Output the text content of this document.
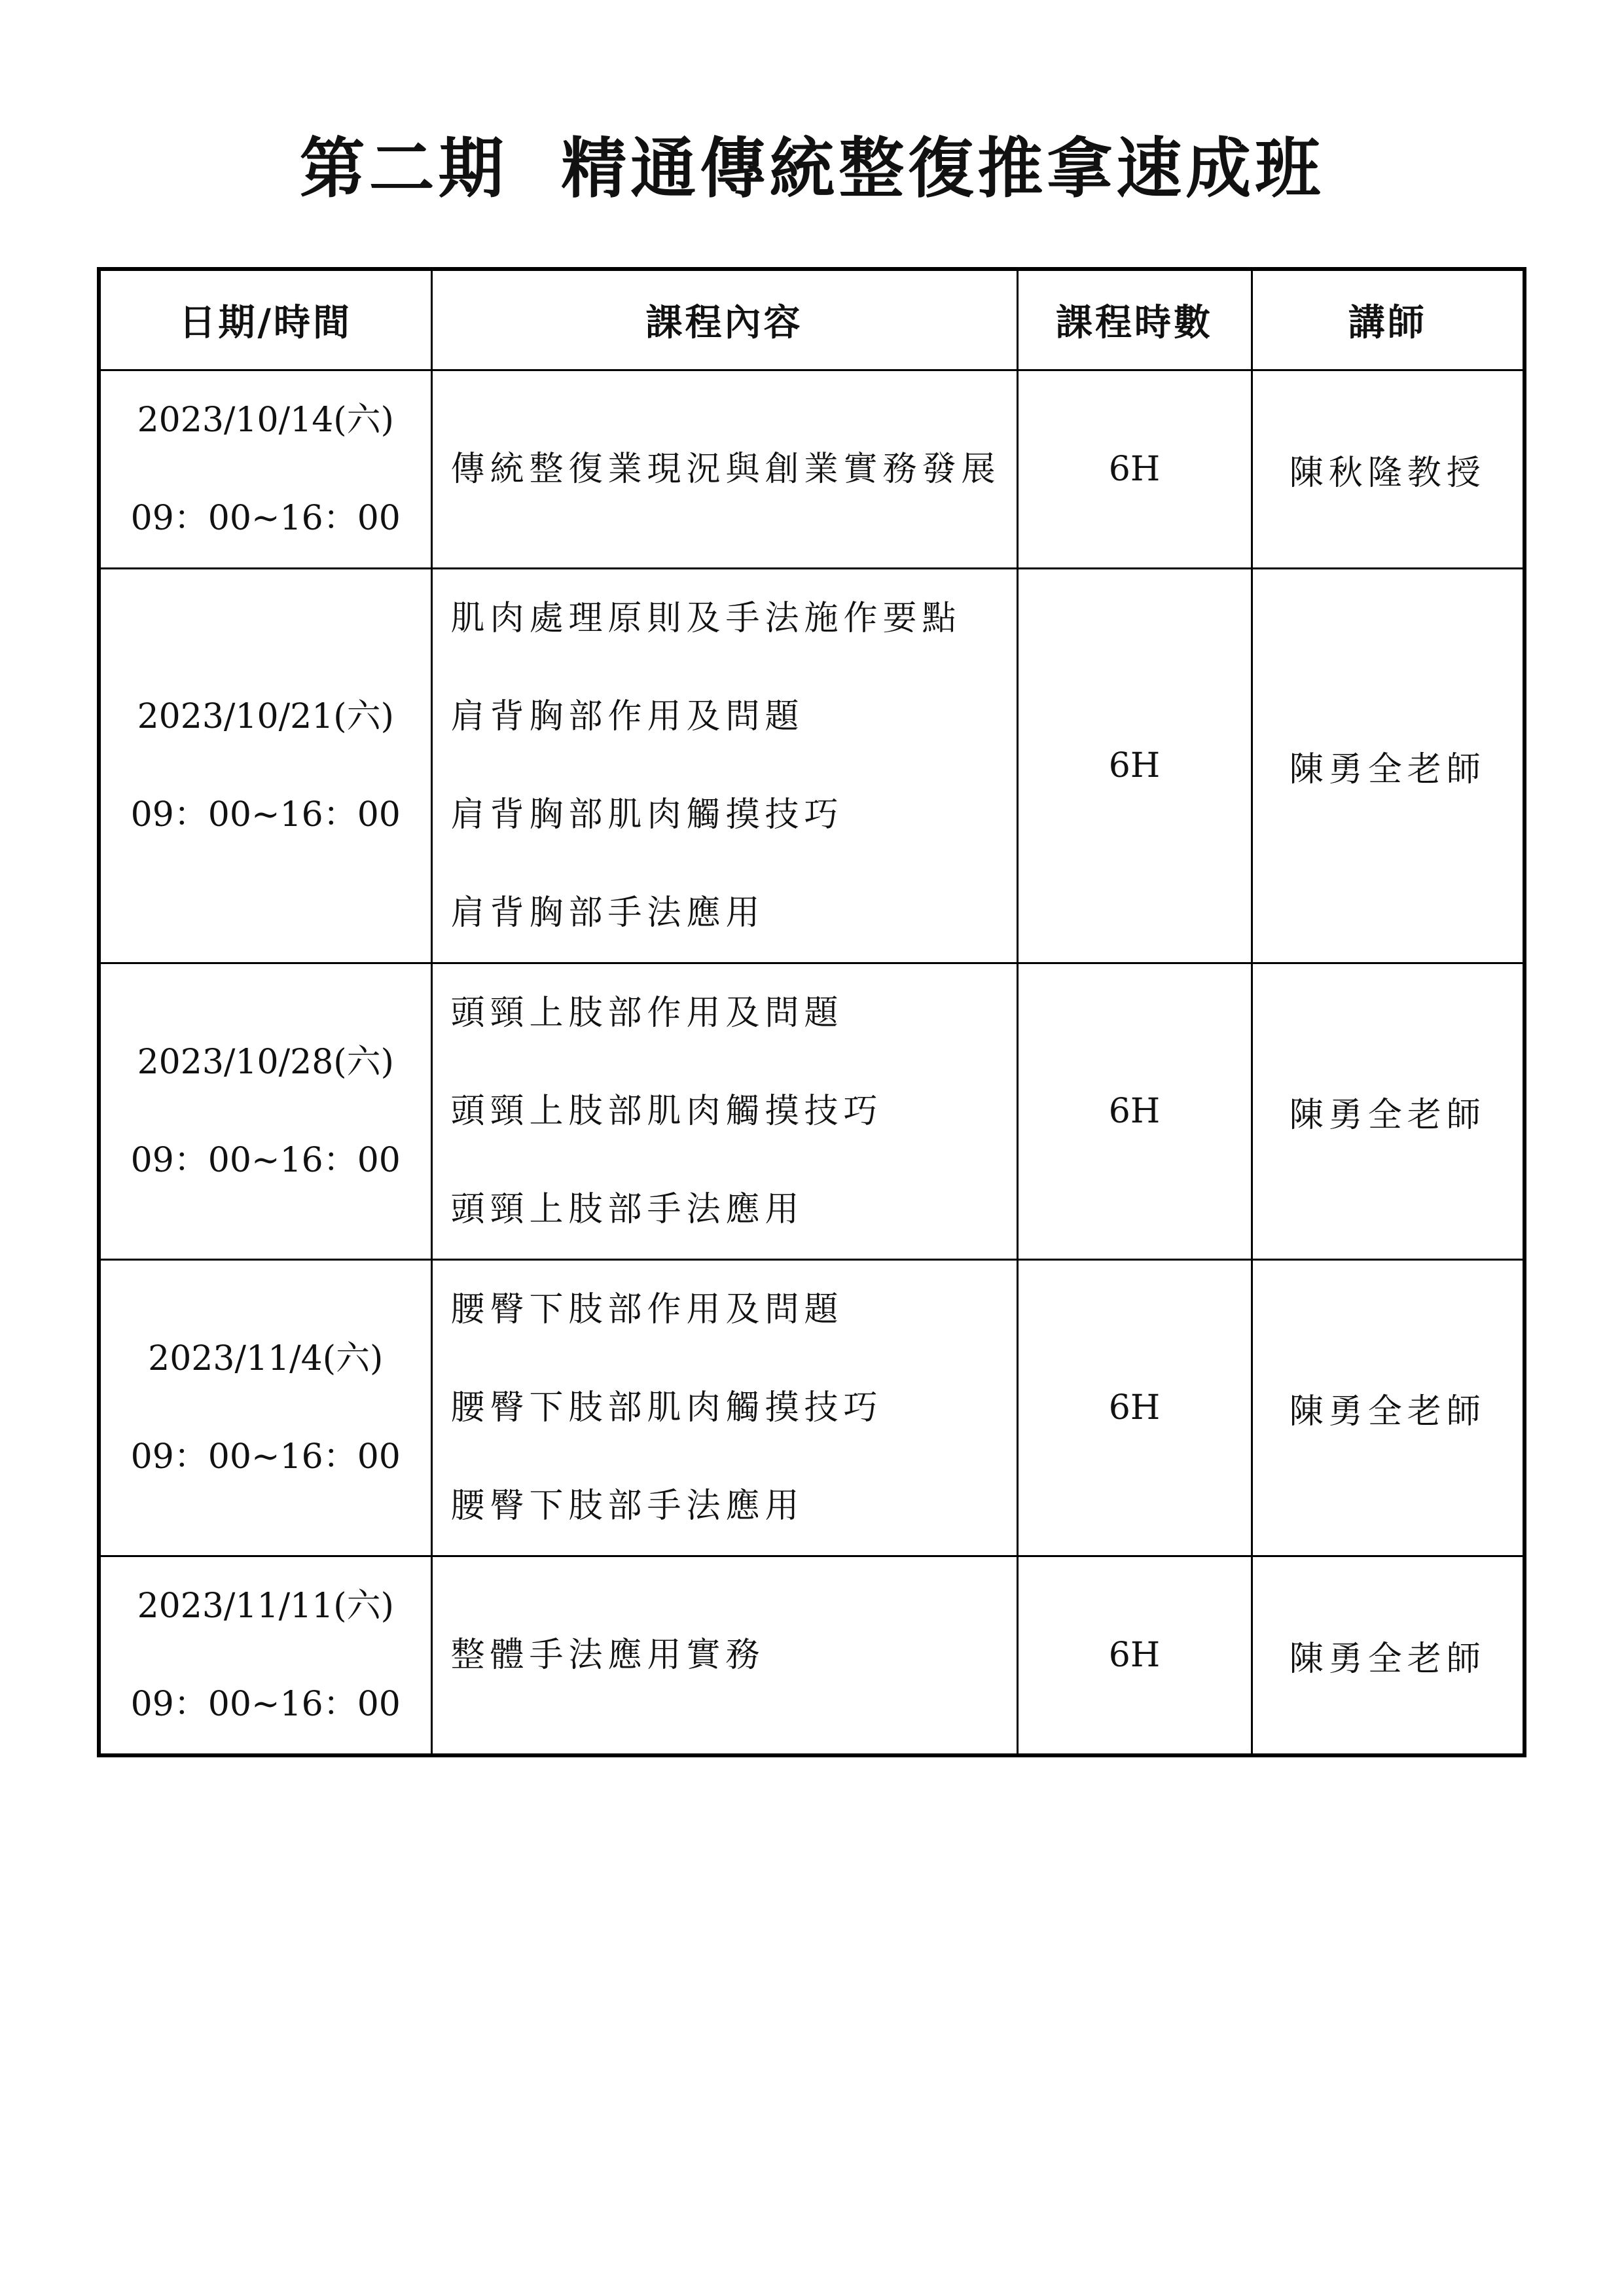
第二期  精通傳統整復推拿速成班
日期/時間	課程內容	課程時數	講師

2023/10/14(六)
09：00~16：00	傳統整復業現況與創業實務發展	6H	陳秋隆教授

2023/10/21(六)
09：00~16：00	肌肉處理原則及手法施作要點
肩背胸部作用及問題
肩背胸部肌肉觸摸技巧
肩背胸部手法應用	6H	陳勇全老師

2023/10/28(六)
09：00~16：00	頭頸上肢部作用及問題
頭頸上肢部肌肉觸摸技巧
頭頸上肢部手法應用	6H	陳勇全老師

2023/11/4(六)
09：00~16：00	腰臀下肢部作用及問題
腰臀下肢部肌肉觸摸技巧
腰臀下肢部手法應用	6H	陳勇全老師

2023/11/11(六)
09：00~16：00	整體手法應用實務	6H	陳勇全老師
